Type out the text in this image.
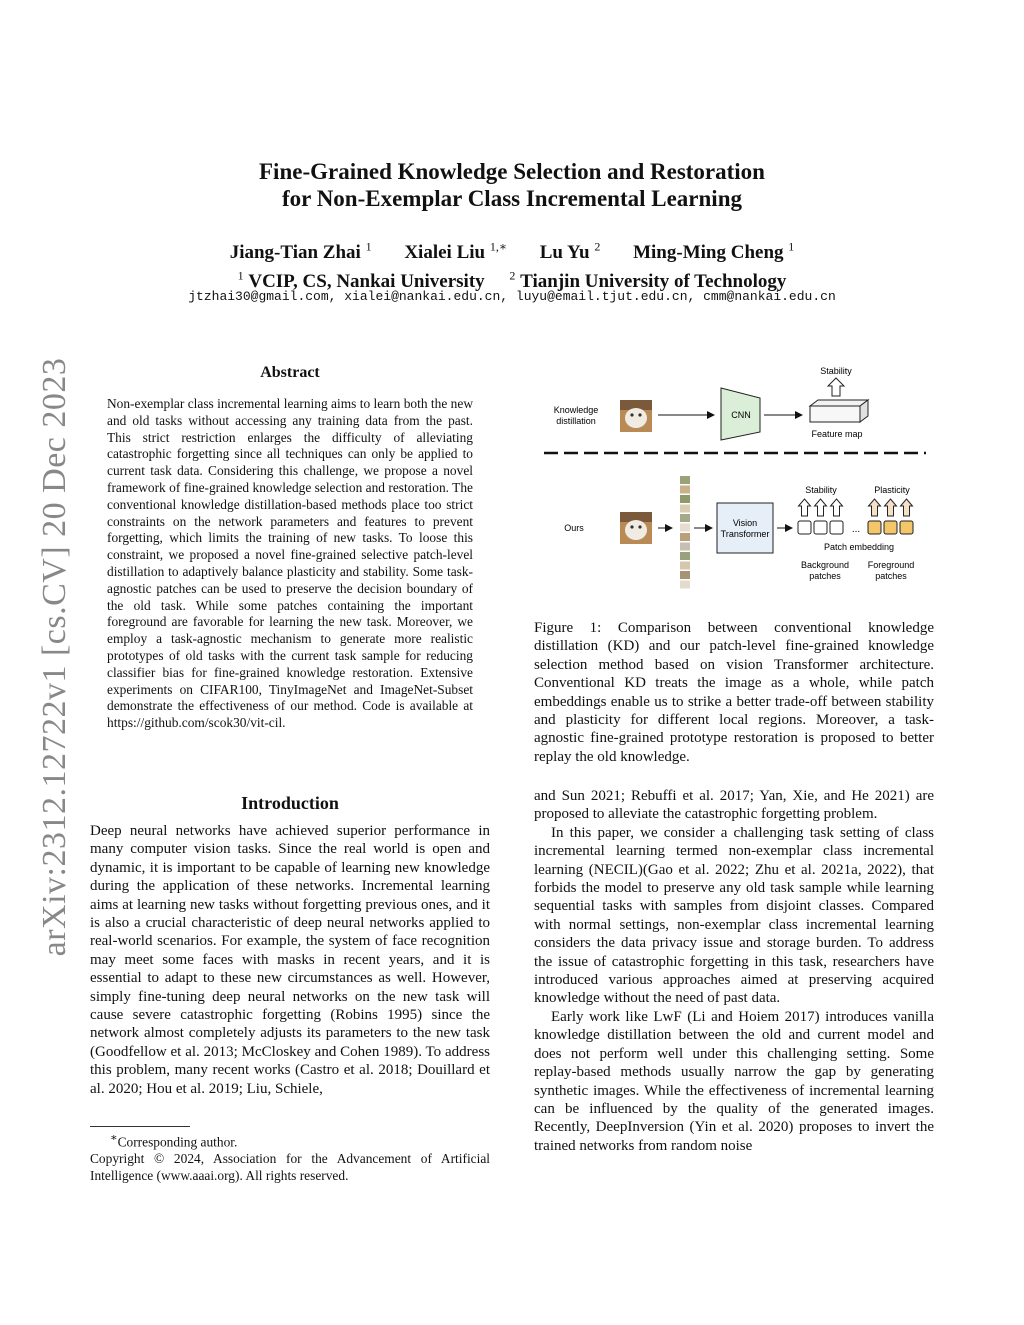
Fine-Grained Knowledge Selection and Restoration
for Non-Exemplar Class Incremental Learning
Jiang-Tian Zhai $^1$ Xialei Liu $^{1,∗}$ Lu Yu $^2$ Ming-Ming Cheng $^1$
$^1$ VCIP, CS, Nankai University $^2$ Tianjin University of Technology
jtzhai30@gmail.com, xialei@nankai.edu.cn, luyu@email.tjut.edu.cn, cmm@nankai.edu.cn
arXiv:2312.12722v1 [cs.CV] 20 Dec 2023	Abstract
Non-exemplar class incremental learning aims to learn both the new and old tasks without accessing any training data from the past. This strict restriction enlarges the difficulty of alleviating catastrophic forgetting since all techniques can only be applied to current task data. Considering this challenge, we propose a novel framework of fine-grained knowledge selection and restoration. The conventional knowledge distillation-based methods place too strict constraints on the network parameters and features to prevent forgetting, which limits the training of new tasks. To loose this constraint, we proposed a novel fine-grained selective patch-level distillation to adaptively balance plasticity and stability. Some task-agnostic patches can be used to preserve the decision boundary of the old task. While some patches containing the important foreground are favorable for learning the new task. Moreover, we employ a task-agnostic mechanism to generate more realistic prototypes of old tasks with the current task sample for reducing classifier bias for fine-grained knowledge restoration. Extensive experiments on CIFAR100, TinyImageNet and ImageNet-Subset demonstrate the effectiveness of our method. Code is available at https://github.com/scok30/vit-cil.
Introduction
Deep neural networks have achieved superior performance in many computer vision tasks. Since the real world is open and dynamic, it is important to be capable of learning new knowledge during the application of these networks. Incremental learning aims at learning new tasks without forgetting previous ones, and it is also a crucial characteristic of deep neural networks applied to real-world scenarios. For example, the system of face recognition may meet some faces with masks in recent years, and it is essential to adapt to these new circumstances as well. However, simply fine-tuning deep neural networks on the new task will cause severe catastrophic forgetting (Robins 1995) since the network almost completely adjusts its parameters to the new task (Goodfellow et al. 2013; McCloskey and Cohen 1989). To address this problem, many recent works (Castro et al. 2018; Douillard et al. 2020; Hou et al. 2019; Liu, Schiele,
∗Corresponding author.
Copyright © 2024, Association for the Advancement of Artificial Intelligence (www.aaai.org). All rights reserved.
Knowledge
distillation
CNN
Feature map
Stability
Ours	Vision
Transformer
Stability	Plasticity
...
Patch embedding
Background
patches
Foreground
patches
Figure 1: Comparison between conventional knowledge distillation (KD) and our patch-level fine-grained knowledge selection method based on vision Transformer architecture. Conventional KD treats the image as a whole, while patch embeddings enable us to strike a better trade-off between stability and plasticity for different local regions. Moreover, a task-agnostic fine-grained prototype restoration is proposed to better replay the old knowledge.

and Sun 2021; Rebuffi et al. 2017; Yan, Xie, and He 2021) are proposed to alleviate the catastrophic forgetting problem.

In this paper, we consider a challenging task setting of class incremental learning termed non-exemplar class incremental learning (NECIL)(Gao et al. 2022; Zhu et al. 2021a, 2022), that forbids the model to preserve any old task sample while learning sequential tasks with samples from disjoint classes. Compared with normal settings, non-exemplar class incremental learning considers the data privacy issue and storage burden. To address the issue of catastrophic forgetting in this task, researchers have introduced various approaches aimed at preserving acquired knowledge without the need of past data.

Early work like LwF (Li and Hoiem 2017) introduces vanilla knowledge distillation between the old and current model and does not perform well under this challenging setting. Some replay-based methods usually narrow the gap by generating synthetic images. While the effectiveness of incremental learning can be influenced by the quality of the generated images. Recently, DeepInversion (Yin et al. 2020) proposes to invert the trained networks from random noise
